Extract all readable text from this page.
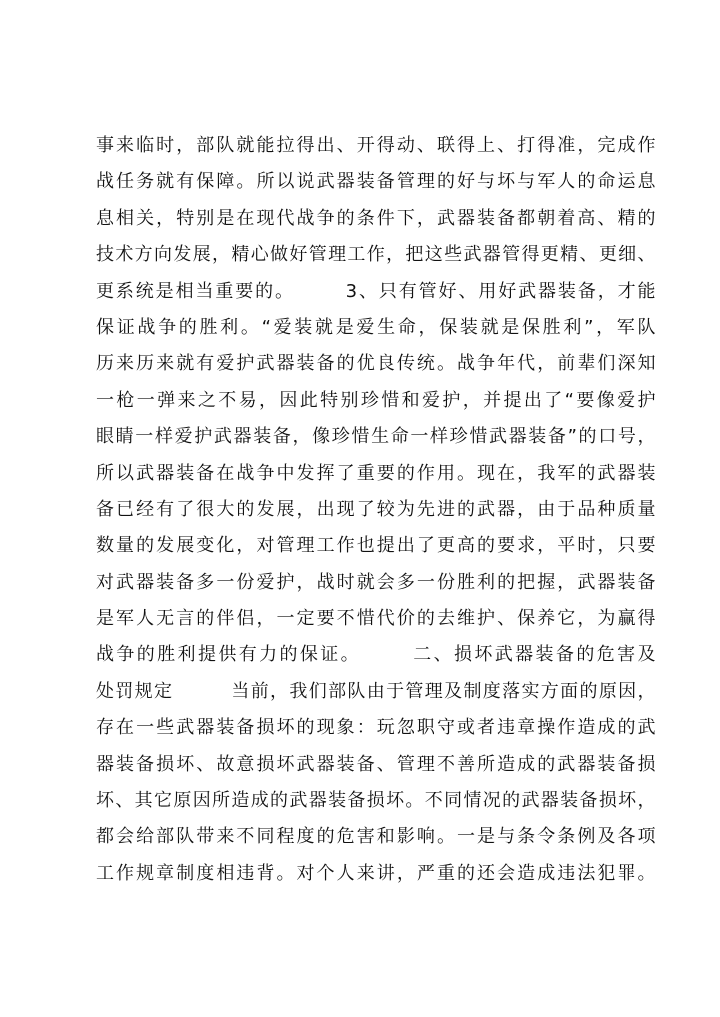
事来临时，部队就能拉得出、开得动、联得上、打得准，完成作
战任务就有保障。所以说武器装备管理的好与坏与军人的命运息
息相关，特别是在现代战争的条件下，武器装备都朝着高、精的
技术方向发展，精心做好管理工作，把这些武器管得更精、更细、
更系统是相当重要的。　　　3、只有管好、用好武器装备，才能
保证战争的胜利。“爱装就是爱生命，保装就是保胜利”，军队
历来历来就有爱护武器装备的优良传统。战争年代，前辈们深知
一枪一弹来之不易，因此特别珍惜和爱护，并提出了“要像爱护
眼睛一样爱护武器装备，像珍惜生命一样珍惜武器装备”的口号，
所以武器装备在战争中发挥了重要的作用。现在，我军的武器装
备已经有了很大的发展，出现了较为先进的武器，由于品种质量
数量的发展变化，对管理工作也提出了更高的要求，平时，只要
对武器装备多一份爱护，战时就会多一份胜利的把握，武器装备
是军人无言的伴侣，一定要不惜代价的去维护、保养它，为赢得
战争的胜利提供有力的保证。　　　二、损坏武器装备的危害及
处罚规定　　　当前，我们部队由于管理及制度落实方面的原因，
存在一些武器装备损坏的现象：玩忽职守或者违章操作造成的武
器装备损坏、故意损坏武器装备、管理不善所造成的武器装备损
坏、其它原因所造成的武器装备损坏。不同情况的武器装备损坏，
都会给部队带来不同程度的危害和影响。一是与条令条例及各项
工作规章制度相违背。对个人来讲，严重的还会造成违法犯罪。
